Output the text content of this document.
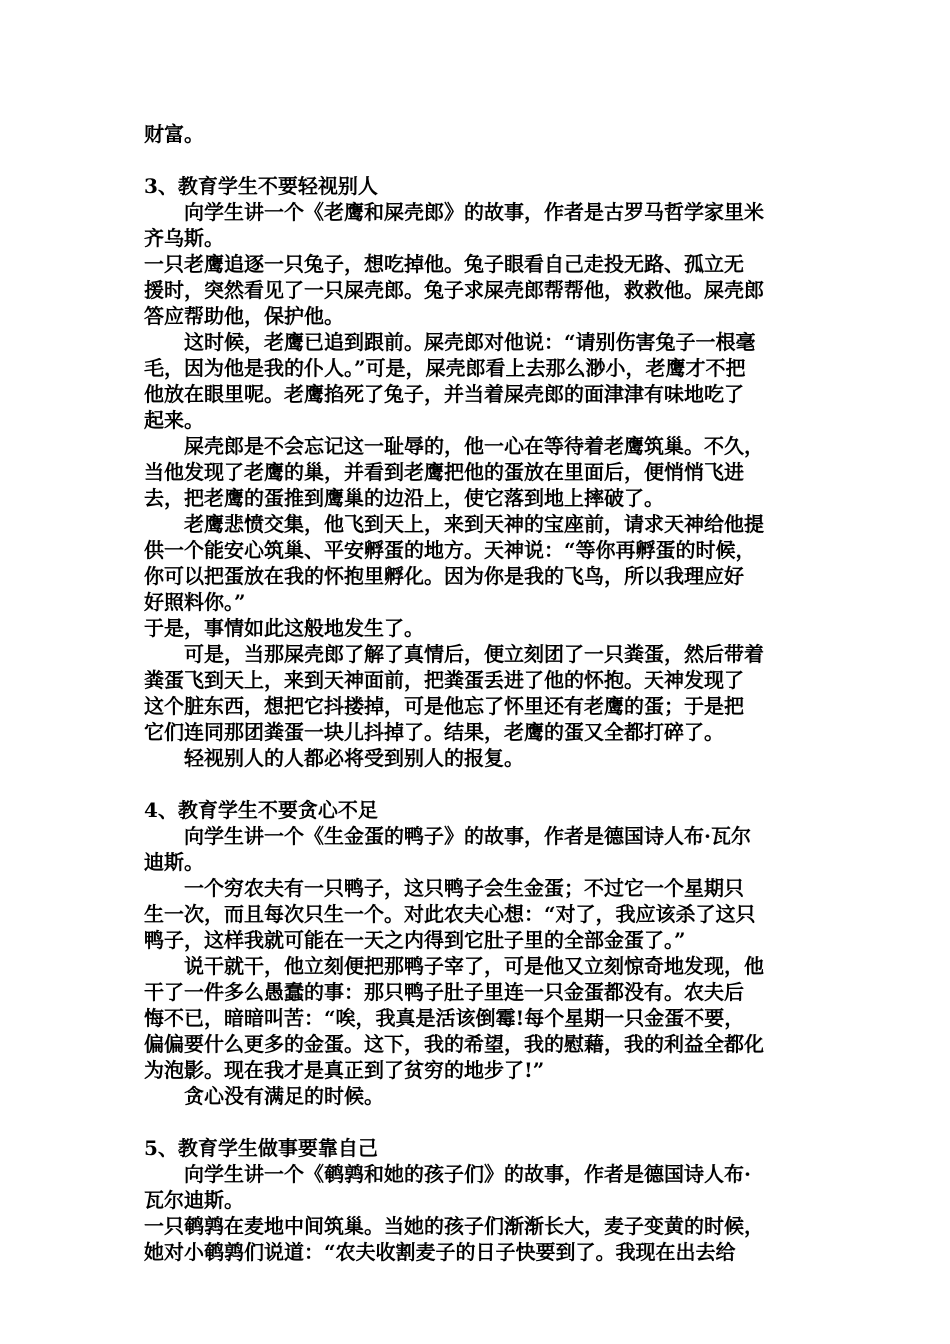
财富。
3、教育学生不要轻视别人
向学生讲一个《老鹰和屎壳郎》的故事，作者是古罗马哲学家里米
齐乌斯。
一只老鹰追逐一只兔子，想吃掉他。兔子眼看自己走投无路、孤立无
援时，突然看见了一只屎壳郎。兔子求屎壳郎帮帮他，救救他。屎壳郎
答应帮助他，保护他。
这时候，老鹰已追到跟前。屎壳郎对他说：“请别伤害兔子一根毫
毛，因为他是我的仆人。”可是，屎壳郎看上去那么渺小，老鹰才不把
他放在眼里呢。老鹰掐死了兔子，并当着屎壳郎的面津津有味地吃了
起来。
屎壳郎是不会忘记这一耻辱的，他一心在等待着老鹰筑巢。不久，
当他发现了老鹰的巢，并看到老鹰把他的蛋放在里面后，便悄悄飞进
去，把老鹰的蛋推到鹰巢的边沿上，使它落到地上摔破了。
老鹰悲愤交集，他飞到天上，来到天神的宝座前，请求天神给他提
供一个能安心筑巢、平安孵蛋的地方。天神说：“等你再孵蛋的时候，
你可以把蛋放在我的怀抱里孵化。因为你是我的飞鸟，所以我理应好
好照料你。”
于是，事情如此这般地发生了。
可是，当那屎壳郎了解了真情后，便立刻团了一只粪蛋，然后带着
粪蛋飞到天上，来到天神面前，把粪蛋丢进了他的怀抱。天神发现了
这个脏东西，想把它抖搂掉，可是他忘了怀里还有老鹰的蛋；于是把
它们连同那团粪蛋一块儿抖掉了。结果，老鹰的蛋又全都打碎了。
轻视别人的人都必将受到别人的报复。
4、教育学生不要贪心不足
向学生讲一个《生金蛋的鸭子》的故事，作者是德国诗人布·瓦尔
迪斯。
一个穷农夫有一只鸭子，这只鸭子会生金蛋；不过它一个星期只
生一次，而且每次只生一个。对此农夫心想：“对了，我应该杀了这只
鸭子，这样我就可能在一天之内得到它肚子里的全部金蛋了。”
说干就干，他立刻便把那鸭子宰了，可是他又立刻惊奇地发现，他
干了一件多么愚蠢的事：那只鸭子肚子里连一只金蛋都没有。农夫后
悔不已，暗暗叫苦：“唉，我真是活该倒霉!每个星期一只金蛋不要，
偏偏要什么更多的金蛋。这下，我的希望，我的慰藉，我的利益全都化
为泡影。现在我才是真正到了贫穷的地步了!”
贪心没有满足的时候。
5、教育学生做事要靠自己
向学生讲一个《鹌鹑和她的孩子们》的故事，作者是德国诗人布·
瓦尔迪斯。
一只鹌鹑在麦地中间筑巢。当她的孩子们渐渐长大，麦子变黄的时候，
她对小鹌鹑们说道：“农夫收割麦子的日子快要到了。我现在出去给
